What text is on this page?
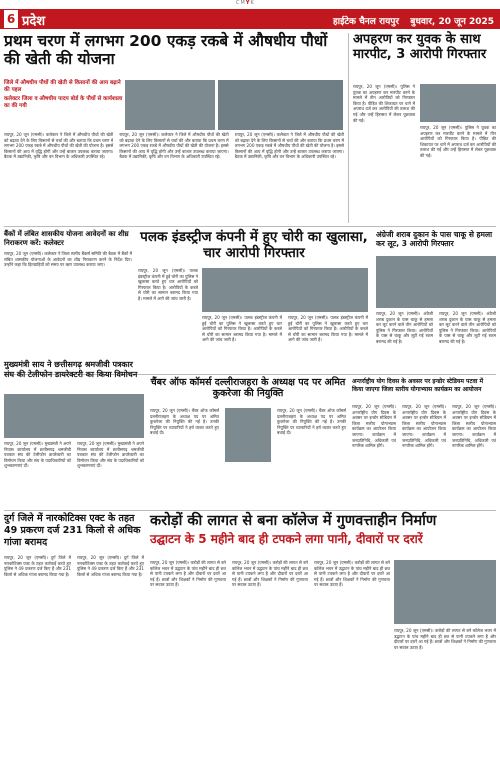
CMYK
6 प्रदेश	हाईटेक चैनल रायपुर बुधवार, 20 जून 2025
प्रथम चरण में लगभग 200 एकड़ रकबे में औषधीय पौधों की खेती की योजना
जिले में औषधीय पौधों की खेती से किसानों की आय बढ़ाने की पहल
कलेक्टर जिला व औषधीय पादप बोर्ड के पौधों से कार्यशाला का की गयी
रायपुर, 20 जून (एमसी)। कलेक्टर ने जिले में औषधीय पौधों की खेती को बढ़ावा देने के लिए किसानों से चर्चा की और बताया कि प्रथम चरण में लगभग 200 एकड़ रकबे में औषधीय पौधों की खेती की योजना है। इससे किसानों की आय में वृद्धि होगी और उन्हें बाजार उपलब्ध कराया जाएगा। बैठक में उद्यानिकी, कृषि और वन विभाग के अधिकारी उपस्थित रहे।
रायपुर, 20 जून (एमसी)। कलेक्टर ने जिले में औषधीय पौधों की खेती को बढ़ावा देने के लिए किसानों से चर्चा की और बताया कि प्रथम चरण में लगभग 200 एकड़ रकबे में औषधीय पौधों की खेती की योजना है। इससे किसानों की आय में वृद्धि होगी और उन्हें बाजार उपलब्ध कराया जाएगा। बैठक में उद्यानिकी, कृषि और वन विभाग के अधिकारी उपस्थित रहे।
रायपुर, 20 जून (एमसी)। कलेक्टर ने जिले में औषधीय पौधों की खेती को बढ़ावा देने के लिए किसानों से चर्चा की और बताया कि प्रथम चरण में लगभग 200 एकड़ रकबे में औषधीय पौधों की खेती की योजना है। इससे किसानों की आय में वृद्धि होगी और उन्हें बाजार उपलब्ध कराया जाएगा। बैठक में उद्यानिकी, कृषि और वन विभाग के अधिकारी उपस्थित रहे।
अपहरण कर युवक के साथ मारपीट, 3 आरोपी गिरफ्तार
रायपुर, 20 जून (एमसी)। पुलिस ने युवक का अपहरण कर मारपीट करने के मामले में तीन आरोपियों को गिरफ्तार किया है। पीड़ित की शिकायत पर थाने में अपराध दर्ज कर आरोपियों की तलाश की गई और उन्हें हिरासत में लेकर पूछताछ की गई।
रायपुर, 20 जून (एमसी)। पुलिस ने युवक का अपहरण कर मारपीट करने के मामले में तीन आरोपियों को गिरफ्तार किया है। पीड़ित की शिकायत पर थाने में अपराध दर्ज कर आरोपियों की तलाश की गई और उन्हें हिरासत में लेकर पूछताछ की गई।
बैंकों में लंबित शासकीय योजना आवेदनों का शीघ्र निराकरण करें: कलेक्टर
रायपुर, 20 जून (एमसी)। कलेक्टर ने जिला स्तरीय बैंकर्स समिति की बैठक में बैंकों में लंबित शासकीय योजनाओं के आवेदनों का शीघ्र निराकरण करने के निर्देश दिए। उन्होंने कहा कि हितग्राहियों को समय पर ऋण उपलब्ध कराया जाए।
पलक इंडस्ट्रीज कंपनी में हुए चोरी का खुलासा, चार आरोपी गिरफ्तार
रायपुर, 20 जून (एमसी)। पलक इंडस्ट्रीज कंपनी में हुई चोरी का पुलिस ने खुलासा करते हुए चार आरोपियों को गिरफ्तार किया है। आरोपियों के कब्जे से चोरी का सामान बरामद किया गया है। मामले में आगे की जांच जारी है।
रायपुर, 20 जून (एमसी)। पलक इंडस्ट्रीज कंपनी में हुई चोरी का पुलिस ने खुलासा करते हुए चार आरोपियों को गिरफ्तार किया है। आरोपियों के कब्जे से चोरी का सामान बरामद किया गया है। मामले में आगे की जांच जारी है।
रायपुर, 20 जून (एमसी)। पलक इंडस्ट्रीज कंपनी में हुई चोरी का पुलिस ने खुलासा करते हुए चार आरोपियों को गिरफ्तार किया है। आरोपियों के कब्जे से चोरी का सामान बरामद किया गया है। मामले में आगे की जांच जारी है।
अंग्रेजी शराब दुकान के पास चाकू से हमला कर लूट, 3 आरोपी गिरफ्तार
रायपुर, 20 जून (एमसी)। अंग्रेजी शराब दुकान के पास चाकू से हमला कर लूट करने वाले तीन आरोपियों को पुलिस ने गिरफ्तार किया। आरोपियों के पास से चाकू और लूटी गई रकम बरामद की गई है।
रायपुर, 20 जून (एमसी)। अंग्रेजी शराब दुकान के पास चाकू से हमला कर लूट करने वाले तीन आरोपियों को पुलिस ने गिरफ्तार किया। आरोपियों के पास से चाकू और लूटी गई रकम बरामद की गई है।
मुख्यमंत्री साय ने छत्तीसगढ़ श्रमजीवी पत्रकार संघ की टेलीफोन डायरेक्टरी का किया विमोचन
रायपुर, 20 जून (एमसी)। मुख्यमंत्री ने अपने निवास कार्यालय में छत्तीसगढ़ श्रमजीवी पत्रकार संघ की टेलीफोन डायरेक्टरी का विमोचन किया और संघ के पदाधिकारियों को शुभकामनाएं दीं।
रायपुर, 20 जून (एमसी)। मुख्यमंत्री ने अपने निवास कार्यालय में छत्तीसगढ़ श्रमजीवी पत्रकार संघ की टेलीफोन डायरेक्टरी का विमोचन किया और संघ के पदाधिकारियों को शुभकामनाएं दीं।
चैंबर ऑफ कॉमर्स दल्लीराजहरा के अध्यक्ष पद पर अमित कुकरेजा की नियुक्ति
रायपुर, 20 जून (एमसी)। चैंबर ऑफ कॉमर्स दल्लीराजहरा के अध्यक्ष पद पर अमित कुकरेजा की नियुक्ति की गई है। उनकी नियुक्ति पर व्यापारियों ने हर्ष व्यक्त करते हुए बधाई दी।
रायपुर, 20 जून (एमसी)। चैंबर ऑफ कॉमर्स दल्लीराजहरा के अध्यक्ष पद पर अमित कुकरेजा की नियुक्ति की गई है। उनकी नियुक्ति पर व्यापारियों ने हर्ष व्यक्त करते हुए बधाई दी।
अन्तर्राष्ट्रीय योग दिवस के अवसर पर इन्डोर स्टेडियम पटवा में किया जाएगा जिला स्तरीय योगाभ्यास कार्यक्रम का आयोजन
रायपुर, 20 जून (एमसी)। अन्तर्राष्ट्रीय योग दिवस के अवसर पर इन्डोर स्टेडियम में जिला स्तरीय योगाभ्यास कार्यक्रम का आयोजन किया जाएगा। कार्यक्रम में जनप्रतिनिधि, अधिकारी एवं नागरिक शामिल होंगे।
रायपुर, 20 जून (एमसी)। अन्तर्राष्ट्रीय योग दिवस के अवसर पर इन्डोर स्टेडियम में जिला स्तरीय योगाभ्यास कार्यक्रम का आयोजन किया जाएगा। कार्यक्रम में जनप्रतिनिधि, अधिकारी एवं नागरिक शामिल होंगे।
रायपुर, 20 जून (एमसी)। अन्तर्राष्ट्रीय योग दिवस के अवसर पर इन्डोर स्टेडियम में जिला स्तरीय योगाभ्यास कार्यक्रम का आयोजन किया जाएगा। कार्यक्रम में जनप्रतिनिधि, अधिकारी एवं नागरिक शामिल होंगे।
दुर्ग जिले में नारकोटिक्स एक्ट के तहत 49 प्रकरण दर्ज 231 किलो से अधिक गांजा बरामद
रायपुर, 20 जून (एमसी)। दुर्ग जिले में नारकोटिक्स एक्ट के तहत कार्रवाई करते हुए पुलिस ने 49 प्रकरण दर्ज किए हैं और 231 किलो से अधिक गांजा बरामद किया गया है।
रायपुर, 20 जून (एमसी)। दुर्ग जिले में नारकोटिक्स एक्ट के तहत कार्रवाई करते हुए पुलिस ने 49 प्रकरण दर्ज किए हैं और 231 किलो से अधिक गांजा बरामद किया गया है।
करोड़ों की लागत से बना कॉलेज में गुणवत्ताहीन निर्माण
उद्घाटन के 5 महीने बाद ही टपकने लगा पानी, दीवारों पर दरारें
रायपुर, 20 जून (एमसी)। करोड़ों की लागत से बने कॉलेज भवन में उद्घाटन के पांच महीने बाद ही छत से पानी टपकने लगा है और दीवारों पर दरारें आ गई हैं। छात्रों और शिक्षकों ने निर्माण की गुणवत्ता पर सवाल उठाए हैं।
रायपुर, 20 जून (एमसी)। करोड़ों की लागत से बने कॉलेज भवन में उद्घाटन के पांच महीने बाद ही छत से पानी टपकने लगा है और दीवारों पर दरारें आ गई हैं। छात्रों और शिक्षकों ने निर्माण की गुणवत्ता पर सवाल उठाए हैं।
रायपुर, 20 जून (एमसी)। करोड़ों की लागत से बने कॉलेज भवन में उद्घाटन के पांच महीने बाद ही छत से पानी टपकने लगा है और दीवारों पर दरारें आ गई हैं। छात्रों और शिक्षकों ने निर्माण की गुणवत्ता पर सवाल उठाए हैं।
रायपुर, 20 जून (एमसी)। करोड़ों की लागत से बने कॉलेज भवन में उद्घाटन के पांच महीने बाद ही छत से पानी टपकने लगा है और दीवारों पर दरारें आ गई हैं। छात्रों और शिक्षकों ने निर्माण की गुणवत्ता पर सवाल उठाए हैं।
